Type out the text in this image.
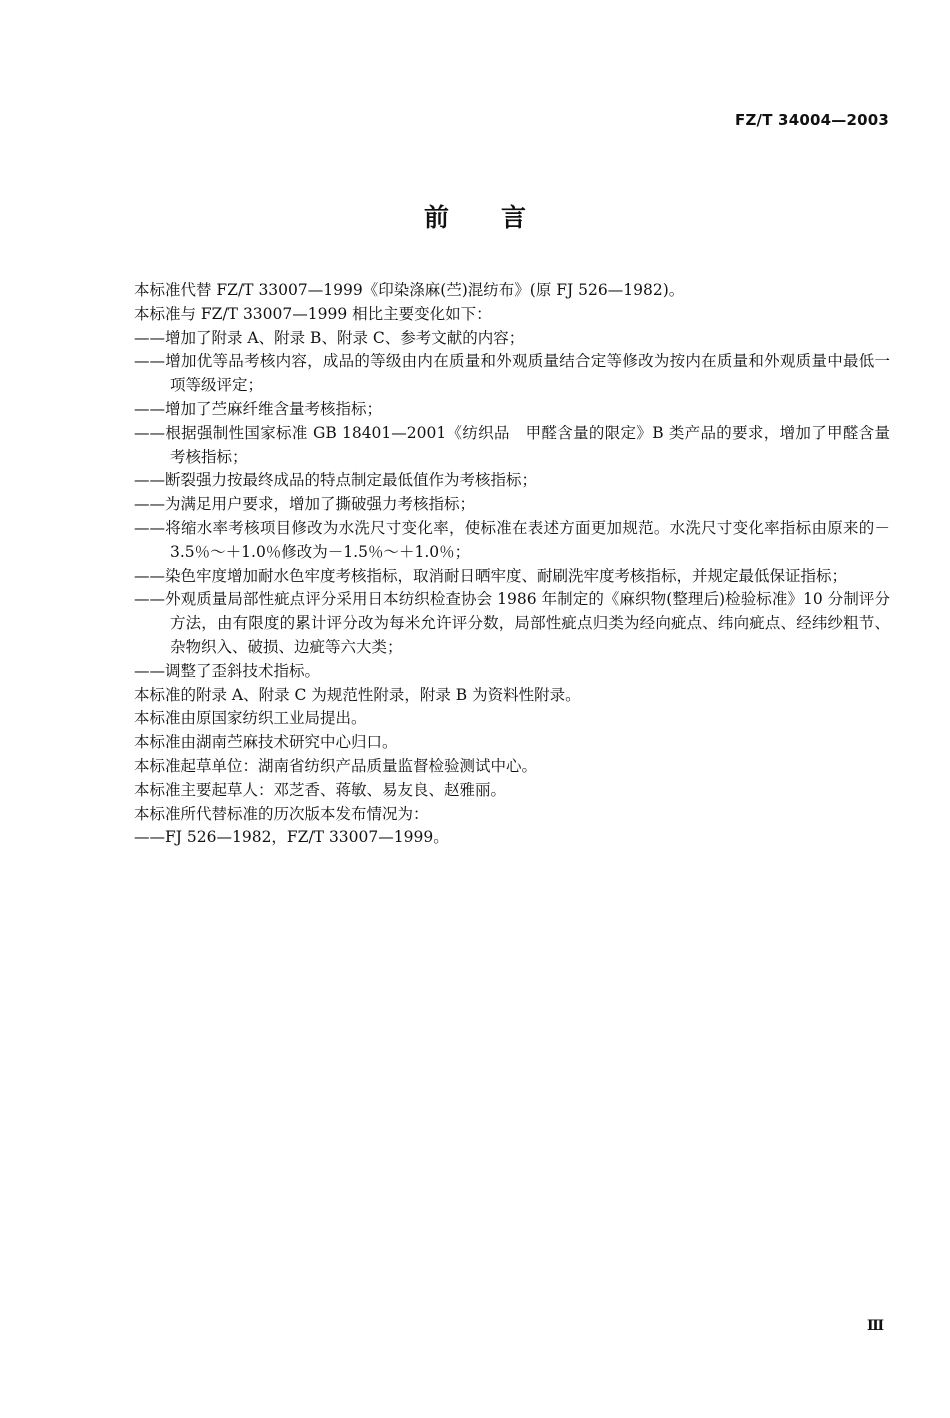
FZ/T 34004—2003
前言

本标准代替 FZ/T 33007—1999《印染涤麻(苎)混纺布》(原 FJ 526—1982)。

本标准与 FZ/T 33007—1999 相比主要变化如下：

——增加了附录 A、附录 B、附录 C、参考文献的内容；

——增加优等品考核内容，成品的等级由内在质量和外观质量结合定等修改为按内在质量和外观质量中最低一项等级评定；

——增加了苎麻纤维含量考核指标；

——根据强制性国家标准 GB 18401—2001《纺织品　甲醛含量的限定》B 类产品的要求，增加了甲醛含量考核指标；

——断裂强力按最终成品的特点制定最低值作为考核指标；

——为满足用户要求，增加了撕破强力考核指标；

——将缩水率考核项目修改为水洗尺寸变化率，使标准在表述方面更加规范。水洗尺寸变化率指标由原来的－3.5％～＋1.0％修改为－1.5％～＋1.0％；

——染色牢度增加耐水色牢度考核指标，取消耐日晒牢度、耐刷洗牢度考核指标，并规定最低保证指标；

——外观质量局部性疵点评分采用日本纺织检查协会 1986 年制定的《麻织物(整理后)检验标准》10 分制评分方法，由有限度的累计评分改为每米允许评分数，局部性疵点归类为经向疵点、纬向疵点、经纬纱粗节、杂物织入、破损、边疵等六大类；

——调整了歪斜技术指标。

本标准的附录 A、附录 C 为规范性附录，附录 B 为资料性附录。

本标准由原国家纺织工业局提出。

本标准由湖南苎麻技术研究中心归口。

本标准起草单位：湖南省纺织产品质量监督检验测试中心。

本标准主要起草人：邓芝香、蒋敏、易友良、赵雅丽。

本标准所代替标准的历次版本发布情况为：

——FJ 526—1982，FZ/T 33007—1999。

Ⅲ
